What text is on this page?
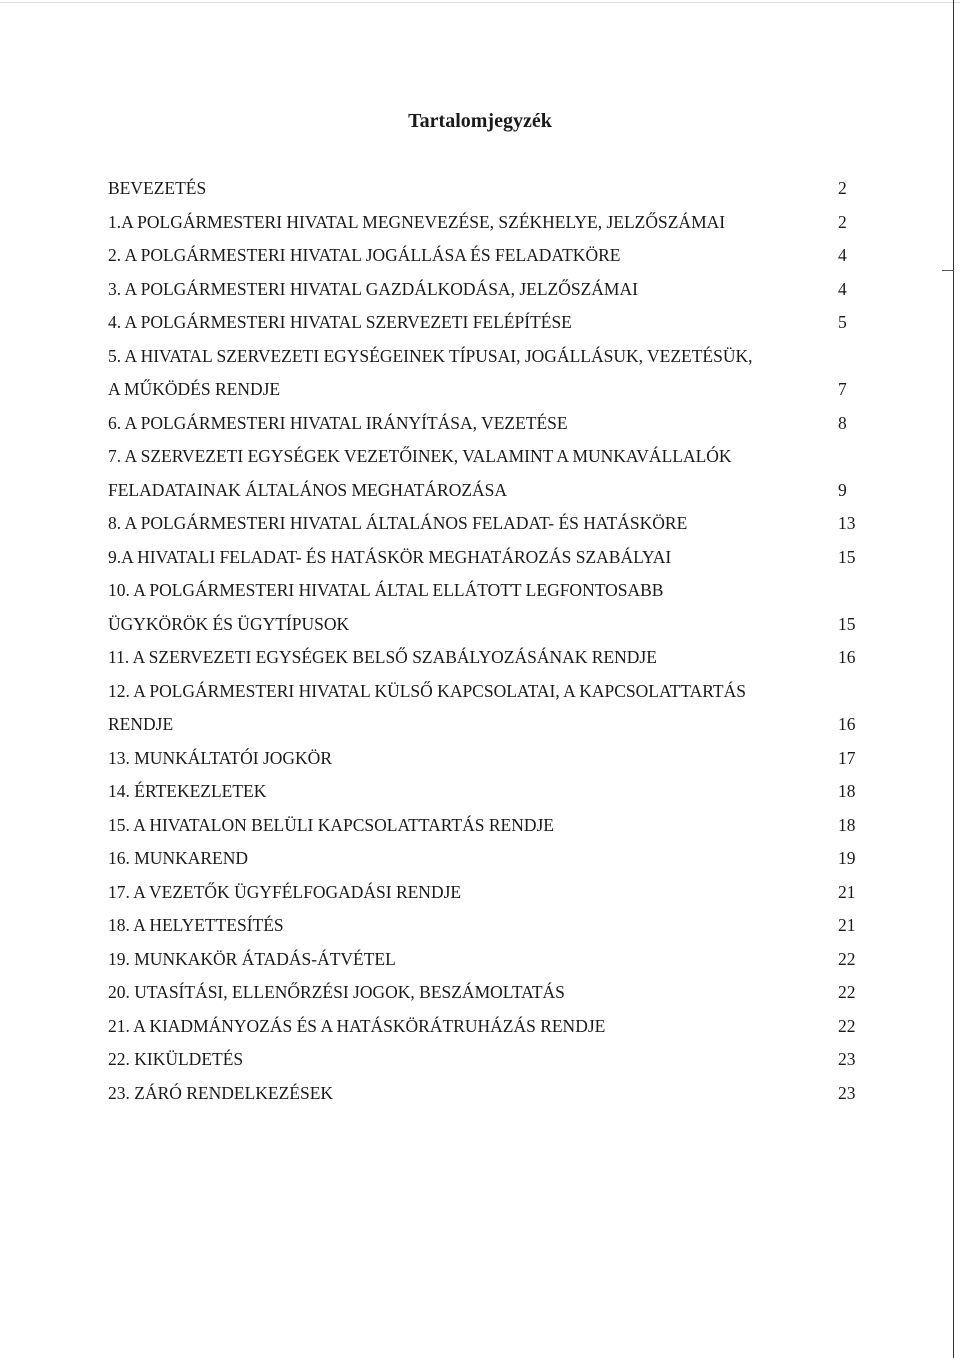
Tartalomjegyzék
BEVEZETÉS	2
1.A POLGÁRMESTERI HIVATAL MEGNEVEZÉSE, SZÉKHELYE, JELZŐSZÁMAI	2
2. A POLGÁRMESTERI HIVATAL JOGÁLLÁSA ÉS FELADATKÖRE	4
3. A POLGÁRMESTERI HIVATAL GAZDÁLKODÁSA, JELZŐSZÁMAI	4
4. A POLGÁRMESTERI HIVATAL SZERVEZETI FELÉPÍTÉSE	5
5. A HIVATAL SZERVEZETI EGYSÉGEINEK TÍPUSAI, JOGÁLLÁSUK, VEZETÉSÜK,
A MŰKÖDÉS RENDJE	7
6. A POLGÁRMESTERI HIVATAL IRÁNYÍTÁSA, VEZETÉSE	8
7. A SZERVEZETI EGYSÉGEK VEZETŐINEK, VALAMINT A MUNKAVÁLLALÓK
FELADATAINAK ÁLTALÁNOS MEGHATÁROZÁSA	9
8. A POLGÁRMESTERI HIVATAL ÁLTALÁNOS FELADAT- ÉS HATÁSKÖRE	13
9.A HIVATALI FELADAT- ÉS HATÁSKÖR MEGHATÁROZÁS SZABÁLYAI	15
10. A POLGÁRMESTERI HIVATAL ÁLTAL ELLÁTOTT LEGFONTOSABB
ÜGYKÖRÖK ÉS ÜGYTÍPUSOK	15
11. A SZERVEZETI EGYSÉGEK BELSŐ SZABÁLYOZÁSÁNAK RENDJE	16
12. A POLGÁRMESTERI HIVATAL KÜLSŐ KAPCSOLATAI, A KAPCSOLATTARTÁS
RENDJE	16
13. MUNKÁLTATÓI JOGKÖR	17
14. ÉRTEKEZLETEK	18
15. A HIVATALON BELÜLI KAPCSOLATTARTÁS RENDJE	18
16. MUNKAREND	19
17. A VEZETŐK ÜGYFÉLFOGADÁSI RENDJE	21
18. A HELYETTESÍTÉS	21
19. MUNKAKÖR ÁTADÁS-ÁTVÉTEL	22
20. UTASÍTÁSI, ELLENŐRZÉSI JOGOK, BESZÁMOLTATÁS	22
21. A KIADMÁNYOZÁS ÉS A HATÁSKÖRÁTRUHÁZÁS RENDJE	22
22. KIKÜLDETÉS	23
23. ZÁRÓ RENDELKEZÉSEK	23
